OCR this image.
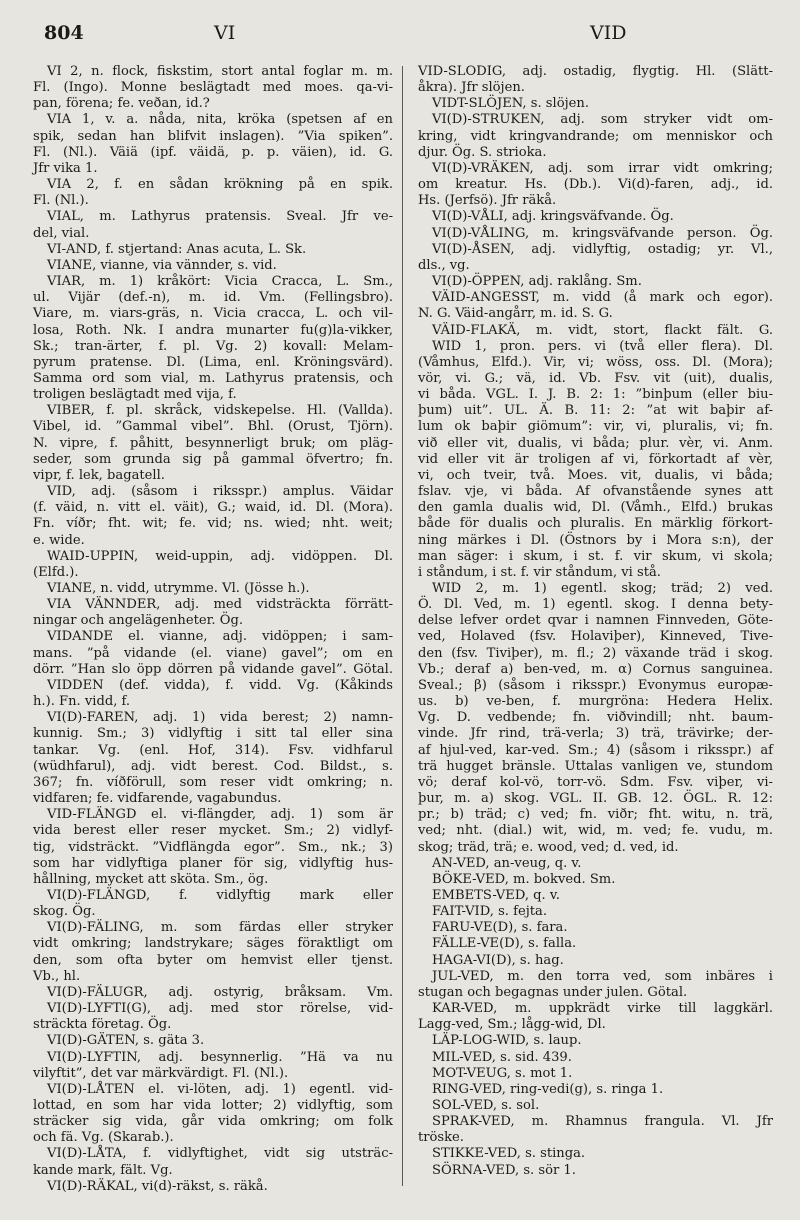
804	VI	VID
VI 2, n. flock, fiskstim, stort antal foglar m. m.
Fl. (Ingo). Monne beslägtadt med moes. qa-vi-
pan, förena; fe. veðan, id.?
VIA 1, v. a. nåda, nita, kröka (spetsen af en
spik, sedan han blifvit inslagen). ”Via spiken”.
Fl. (Nl.). Väiä (ipf. väidä, p. p. väien), id. G.
Jfr vika 1.
VIA 2, f. en sådan krökning på en spik.
Fl. (Nl.).
VIAL, m. Lathyrus pratensis. Sveal. Jfr ve-
del, vial.
VI-AND, f. stjertand: Anas acuta, L. Sk.
VIANE, vianne, via vännder, s. vid.
VIAR, m. 1) kråkört: Vicia Cracca, L. Sm.,
ul. Vijär (def.-n), m. id. Vm. (Fellingsbro).
Viare, m. viars-gräs, n. Vicia cracca, L. och vil-
losa, Roth. Nk. I andra munarter fu(g)la-vikker,
Sk.; tran-ärter, f. pl. Vg. 2) kovall: Melam-
pyrum pratense. Dl. (Lima, enl. Kröningsvärd).
Samma ord som vial, m. Lathyrus pratensis, och
troligen beslägtadt med vija, f.
VIBER, f. pl. skråck, vidskepelse. Hl. (Vallda).
Vibel, id. ”Gammal vibel”. Bhl. (Orust, Tjörn).
N. vipre, f. påhitt, besynnerligt bruk; om pläg-
seder, som grunda sig på gammal öfvertro; fn.
vipr, f. lek, bagatell.
VID, adj. (såsom i riksspr.) amplus. Väidar
(f. väid, n. vitt el. väit), G.; waid, id. Dl. (Mora).
Fn. víðr; fht. wit; fe. vid; ns. wied; nht. weit;
e. wide.
WAID-UPPIN, weid-uppin, adj. vidöppen. Dl.
(Elfd.).
VIANE, n. vidd, utrymme. Vl. (Jösse h.).
VIA VÄNNDER, adj. med vidsträckta förrätt-
ningar och angelägenheter. Ög.
VIDANDE el. vianne, adj. vidöppen; i sam-
mans. ”på vidande (el. viane) gavel”; om en
dörr. ”Han slo öpp dörren på vidande gavel”. Götal.
VIDDEN (def. vidda), f. vidd. Vg. (Kåkinds
h.). Fn. vidd, f.
VI(D)-FAREN, adj. 1) vida berest; 2) namn-
kunnig. Sm.; 3) vidlyftig i sitt tal eller sina
tankar. Vg. (enl. Hof, 314). Fsv. vidhfarul
(wüdhfarul), adj. vidt berest. Cod. Bildst., s.
367; fn. víðförull, som reser vidt omkring; n.
vidfaren; fe. vidfarende, vagabundus.
VID-FLÄNGD el. vi-flängder, adj. 1) som är
vida berest eller reser mycket. Sm.; 2) vidlyf-
tig, vidsträckt. ”Vidflängda egor”. Sm., nk.; 3)
som har vidlyftiga planer för sig, vidlyftig hus-
hållning, mycket att sköta. Sm., ög.
VI(D)-FLÄNGD, f. vidlyftig mark eller
skog. Ög.
VI(D)-FÄLING, m. som färdas eller stryker
vidt omkring; landstrykare; säges föraktligt om
den, som ofta byter om hemvist eller tjenst.
Vb., hl.
VI(D)-FÄLUGR, adj. ostyrig, bråksam. Vm.
VI(D)-LYFTI(G), adj. med stor rörelse, vid-
sträckta företag. Ög.
VI(D)-GÄTEN, s. gäta 3.
VI(D)-LYFTIN, adj. besynnerlig. ”Hä va nu
vilyftit”, det var märkvärdigt. Fl. (Nl.).
VI(D)-LÅTEN el. vi-löten, adj. 1) egentl. vid-
lottad, en som har vida lotter; 2) vidlyftig, som
sträcker sig vida, går vida omkring; om folk
och fä. Vg. (Skarab.).
VI(D)-LÅTA, f. vidlyftighet, vidt sig utsträc-
kande mark, fält. Vg.
VI(D)-RÄKAL, vi(d)-räkst, s. räkå.
VID-SLODIG, adj. ostadig, flygtig. Hl. (Slätt-
åkra). Jfr slöjen.
VIDT-SLÖJEN, s. slöjen.
VI(D)-STRUKEN, adj. som stryker vidt om-
kring, vidt kringvandrande; om menniskor och
djur. Ög. S. strioka.
VI(D)-VRÄKEN, adj. som irrar vidt omkring;
om kreatur. Hs. (Db.). Vi(d)-faren, adj., id.
Hs. (Jerfsö). Jfr räkå.
VI(D)-VÅLI, adj. kringsväfvande. Ög.
VI(D)-VÅLING, m. kringsväfvande person. Ög.
VI(D)-ÅSEN, adj. vidlyftig, ostadig; yr. Vl.,
dls., vg.
VI(D)-ÖPPEN, adj. raklång. Sm.
VÄID-ANGESST, m. vidd (å mark och egor).
N. G. Väid-angårr, m. id. S. G.
VÄID-FLAKÄ, m. vidt, stort, flackt fält. G.
WID 1, pron. pers. vi (två eller flera). Dl.
(Våmhus, Elfd.). Vir, vi; wöss, oss. Dl. (Mora);
vör, vi. G.; vä, id. Vb. Fsv. vit (uit), dualis,
vi båda. VGL. I. J. B. 2: 1: ”binþum (eller biu-
þum) uit”. UL. Ä. B. 11: 2: ”at wit baþir af-
lum ok baþir giömum”: vir, vi, pluralis, vi; fn.
við eller vit, dualis, vi båda; plur. vèr, vi. Anm.
vid eller vit är troligen af vi, förkortadt af vèr,
vi, och tveir, två. Moes. vit, dualis, vi båda;
fslav. vje, vi båda. Af ofvanstående synes att
den gamla dualis wid, Dl. (Våmh., Elfd.) brukas
både för dualis och pluralis. En märklig förkort-
ning märkes i Dl. (Östnors by i Mora s:n), der
man säger: i skum, i st. f. vir skum, vi skola;
i ståndum, i st. f. vir ståndum, vi stå.
WID 2, m. 1) egentl. skog; träd; 2) ved.
Ö. Dl. Ved, m. 1) egentl. skog. I denna bety-
delse lefver ordet qvar i namnen Finnveden, Göte-
ved, Holaved (fsv. Holaviþer), Kinneved, Tive-
den (fsv. Tiviþer), m. fl.; 2) växande träd i skog.
Vb.; deraf a) ben-ved, m. α) Cornus sanguinea.
Sveal.; β) (såsom i riksspr.) Evonymus europæ-
us. b) ve-ben, f. murgröna: Hedera Helix.
Vg. D. vedbende; fn. viðvindill; nht. baum-
vinde. Jfr rind, trä-verla; 3) trä, trävirke; der-
af hjul-ved, kar-ved. Sm.; 4) (såsom i riksspr.) af
trä hugget bränsle. Uttalas vanligen ve, stundom
vö; deraf kol-vö, torr-vö. Sdm. Fsv. viþer, vi-
þur, m. a) skog. VGL. II. GB. 12. ÖGL. R. 12:
pr.; b) träd; c) ved; fn. viðr; fht. witu, n. trä,
ved; nht. (dial.) wit, wid, m. ved; fe. vudu, m.
skog; träd, trä; e. wood, ved; d. ved, id.
AN-VED, an-veug, q. v.
BÖKE-VED, m. bokved. Sm.
EMBETS-VED, q. v.
FAIT-VID, s. fejta.
FARU-VE(D), s. fara.
FÄLLE-VE(D), s. falla.
HAGA-VI(D), s. hag.
JUL-VED, m. den torra ved, som inbäres i
stugan och begagnas under julen. Götal.
KAR-VED, m. uppkrädt virke till laggkärl.
Lagg-ved, Sm.; lågg-wid, Dl.
LÄP-LOG-WID, s. laup.
MIL-VED, s. sid. 439.
MOT-VEUG, s. mot 1.
RING-VED, ring-vedi(g), s. ringa 1.
SOL-VED, s. sol.
SPRAK-VED, m. Rhamnus frangula. Vl. Jfr
tröske.
STIKKE-VED, s. stinga.
SÖRNA-VED, s. sör 1.
